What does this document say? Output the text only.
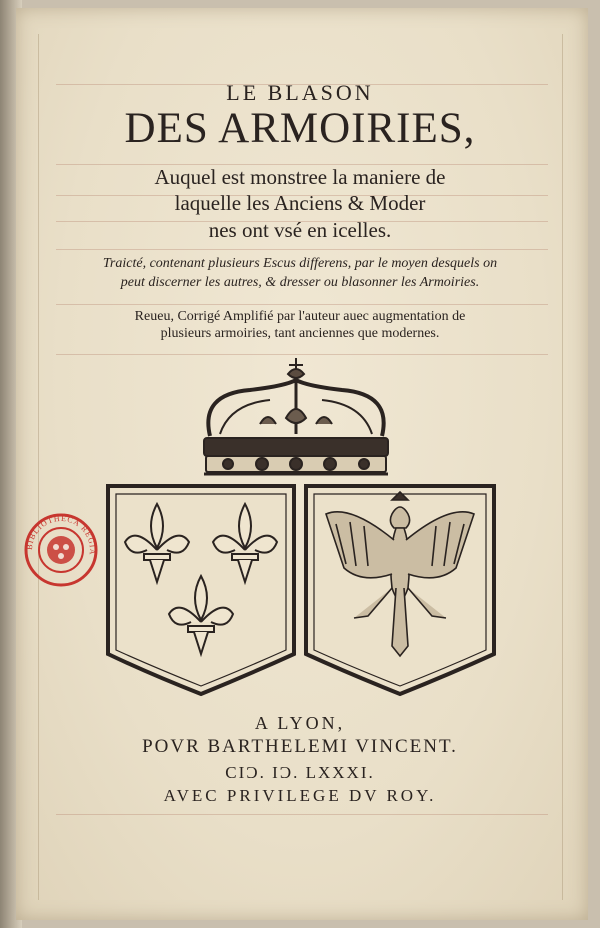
LE BLASON
DES ARMOIRIES,
Auquel est monstree la maniere de
laquelle les Anciens & Moder
nes ont vsé en icelles.
Traicté, contenant plusieurs Escus differens, par le moyen desquels on
peut discerner les autres, & dresser ou blasonner les Armoiries.
Reueu, Corrigé Amplifié par l'auteur auec augmentation de
plusieurs armoiries, tant anciennes que modernes.
BIBLIOTHECA REGIA
A LYON,
POVR BARTHELEMI VINCENT.
CIƆ. IƆ. LXXXI.
AVEC PRIVILEGE DV ROY.
